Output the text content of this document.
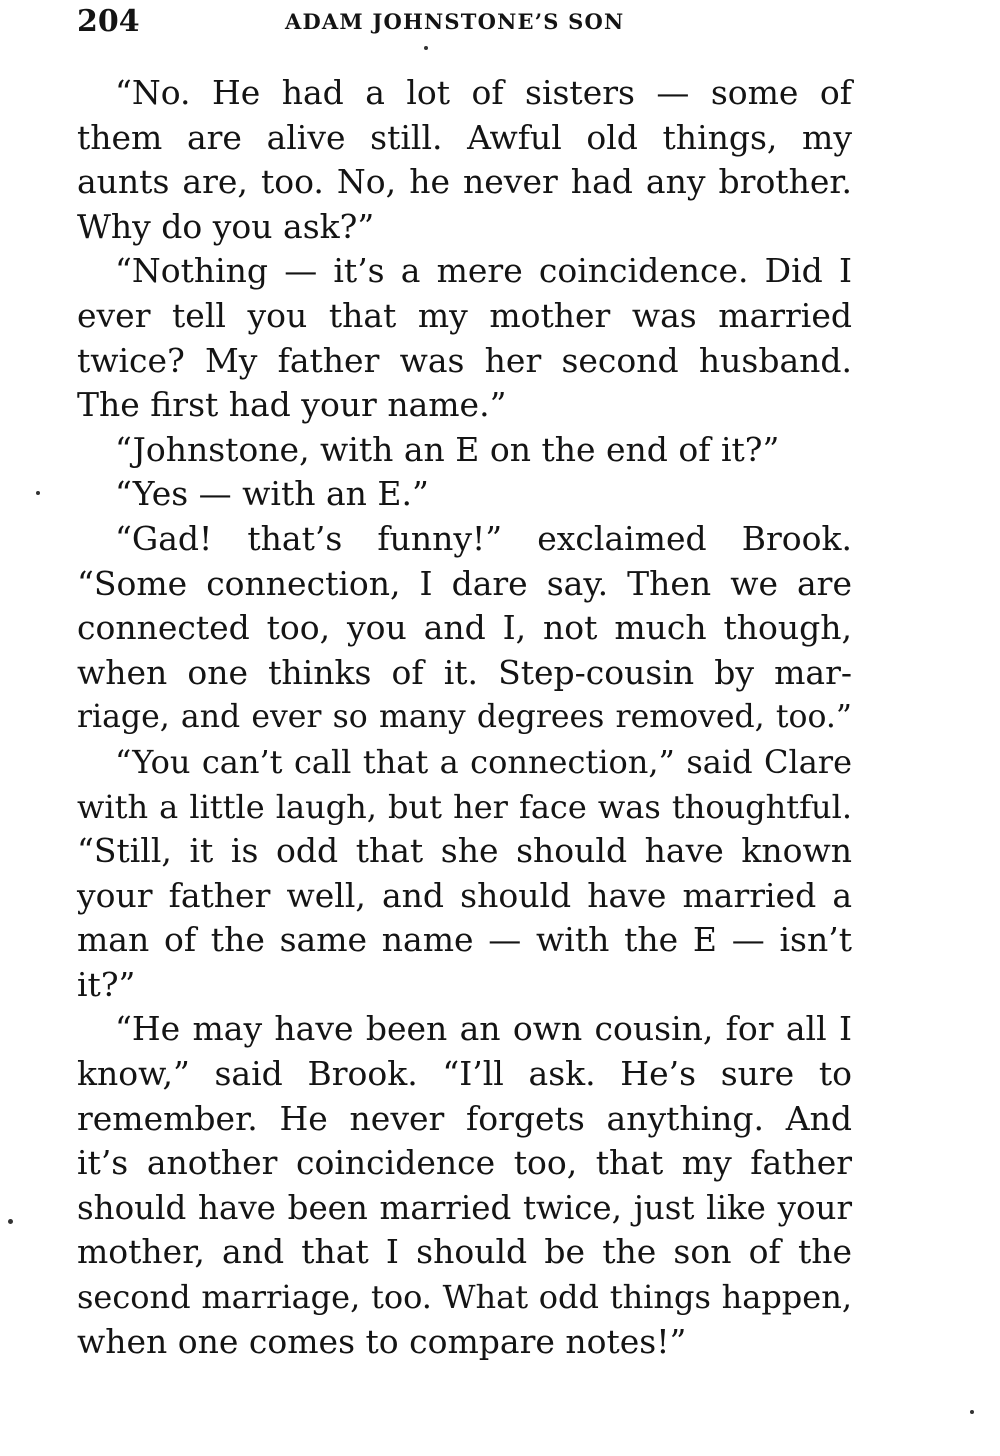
204	ADAM JOHNSTONE’S SON
“No. He had a lot of sisters — some of
them are alive still. Awful old things, my
aunts are, too. No, he never had any brother.
Why do you ask?”
“Nothing — it’s a mere coincidence. Did I
ever tell you that my mother was married
twice? My father was her second husband.
The first had your name.”
“Johnstone, with an E on the end of it?”
“Yes — with an E.”
“Gad! that’s funny!” exclaimed Brook.
“Some connection, I dare say. Then we are
connected too, you and I, not much though,
when one thinks of it. Step-cousin by mar-
riage, and ever so many degrees removed, too.”
“You can’t call that a connection,” said Clare
with a little laugh, but her face was thoughtful.
“Still, it is odd that she should have known
your father well, and should have married a
man of the same name — with the E — isn’t
it?”
“He may have been an own cousin, for all I
know,” said Brook. “I’ll ask. He’s sure to
remember. He never forgets anything. And
it’s another coincidence too, that my father
should have been married twice, just like your
mother, and that I should be the son of the
second marriage, too. What odd things happen,
when one comes to compare notes!”
